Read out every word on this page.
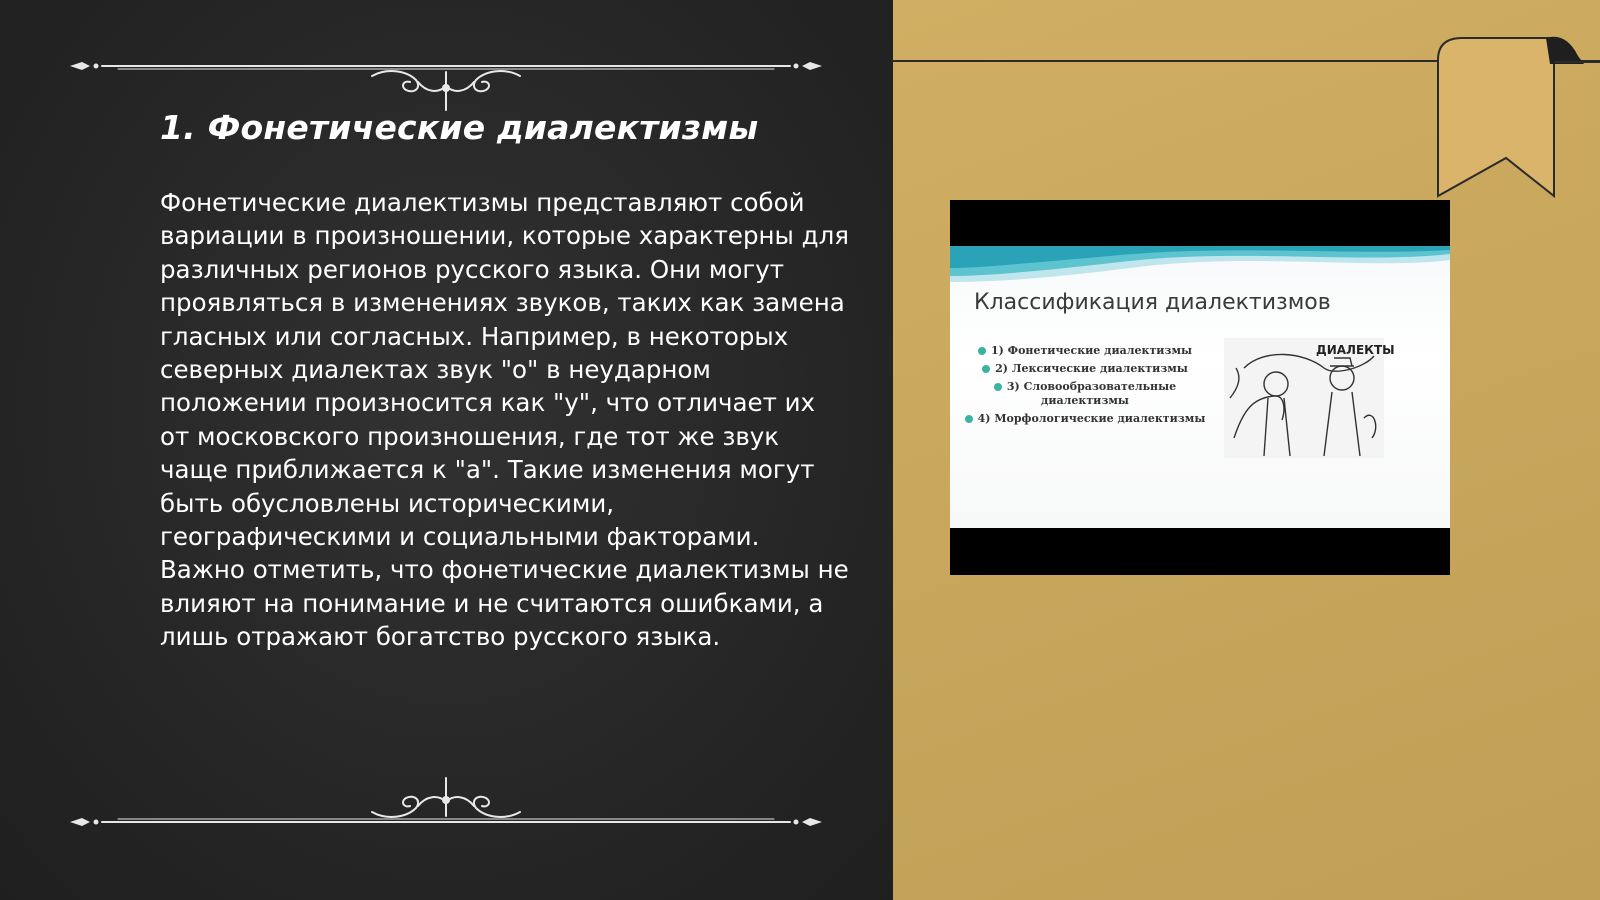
1. Фонетические диалектизмы

Фонетические диалектизмы представляют собой вариации в произношении, которые характерны для различных регионов русского языка. Они могут проявляться в изменениях звуков, таких как замена гласных или согласных. Например, в некоторых северных диалектах звук "о" в неударном положении произносится как "у", что отличает их от московского произношения, где тот же звук чаще приближается к "а". Такие изменения могут быть обусловлены историческими, географическими и социальными факторами. Важно отметить, что фонетические диалектизмы не влияют на понимание и не считаются ошибками, а лишь отражают богатство русского языка.

Классификация диалектизмов
1) Фонетические диалектизмы
2) Лексические диалектизмы
3) Словообразовательные диалектизмы
4) Морфологические диалектизмы
ДИАЛЕКТЫ
